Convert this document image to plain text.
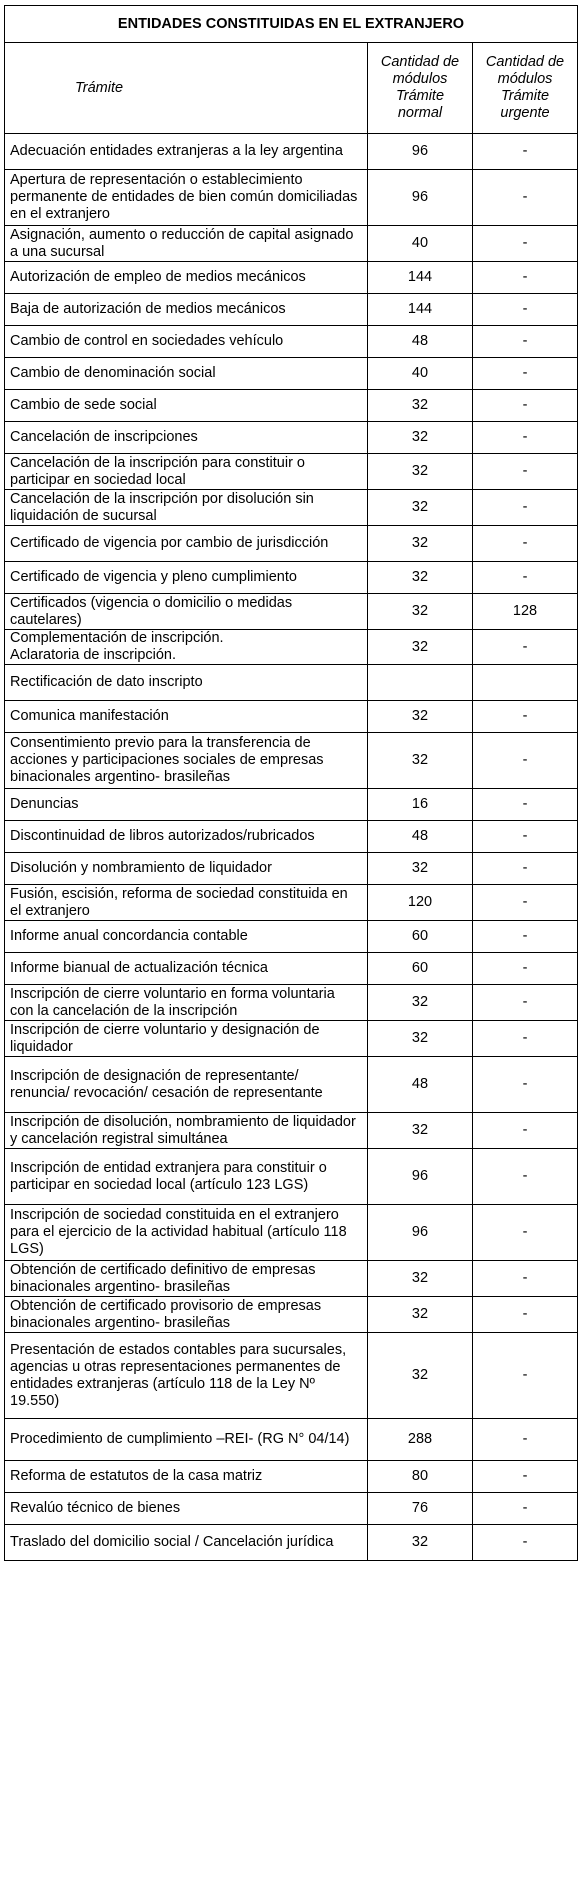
ENTIDADES CONSTITUIDAS EN EL EXTRANJERO		
Trámite	Cantidad de módulos Trámite normal	Cantidad de módulos Trámite urgente
Adecuación entidades extranjeras a la ley argentina	96	-
Apertura de representación o establecimiento permanente de entidades de bien común domiciliadas en el extranjero	96	-
Asignación, aumento o reducción de capital asignado a una sucursal	40	-
Autorización de empleo de medios mecánicos	144	-
Baja de autorización de medios mecánicos	144	-
Cambio de control en sociedades vehículo	48	-
Cambio de denominación social	40	-
Cambio de sede social	32	-
Cancelación de inscripciones	32	-
Cancelación de la inscripción para constituir o participar en sociedad local	32	-
Cancelación de la inscripción por disolución sin liquidación de sucursal	32	-
Certificado de vigencia por cambio de jurisdicción	32	-
Certificado de vigencia y pleno cumplimiento	32	-
Certificados (vigencia o domicilio o medidas cautelares)	32	128

Complementación de inscripción.
Aclaratoria de inscripción.	32	-
Rectificación de dato inscripto		
Comunica manifestación	32	-
Consentimiento previo para la transferencia de acciones y participaciones sociales de empresas binacionales argentino- brasileñas	32	-
Denuncias	16	-
Discontinuidad de libros autorizados/rubricados	48	-
Disolución y nombramiento de liquidador	32	-
Fusión, escisión, reforma de sociedad constituida en el extranjero	120	-
Informe anual concordancia contable	60	-
Informe bianual de actualización técnica	60	-
Inscripción de cierre voluntario en forma voluntaria con la cancelación de la inscripción	32	-
Inscripción de cierre voluntario y designación de liquidador	32	-
Inscripción de designación de representante/ renuncia/ revocación/ cesación de representante	48	-
Inscripción de disolución, nombramiento de liquidador y cancelación registral simultánea	32	-
Inscripción de entidad extranjera para constituir o participar en sociedad local (artículo 123 LGS)	96	-
Inscripción de sociedad constituida en el extranjero para el ejercicio de la actividad habitual (artículo 118 LGS)	96	-
Obtención de certificado definitivo de empresas binacionales argentino- brasileñas	32	-
Obtención de certificado provisorio de empresas binacionales argentino- brasileñas	32	-
Presentación de estados contables para sucursales, agencias u otras representaciones permanentes de entidades extranjeras (artículo 118 de la Ley Nº 19.550)	32	-
Procedimiento de cumplimiento –REI- (RG N° 04/14)	288	-
Reforma de estatutos de la casa matriz	80	-
Revalúo técnico de bienes	76	-
Traslado del domicilio social / Cancelación jurídica	32	-
